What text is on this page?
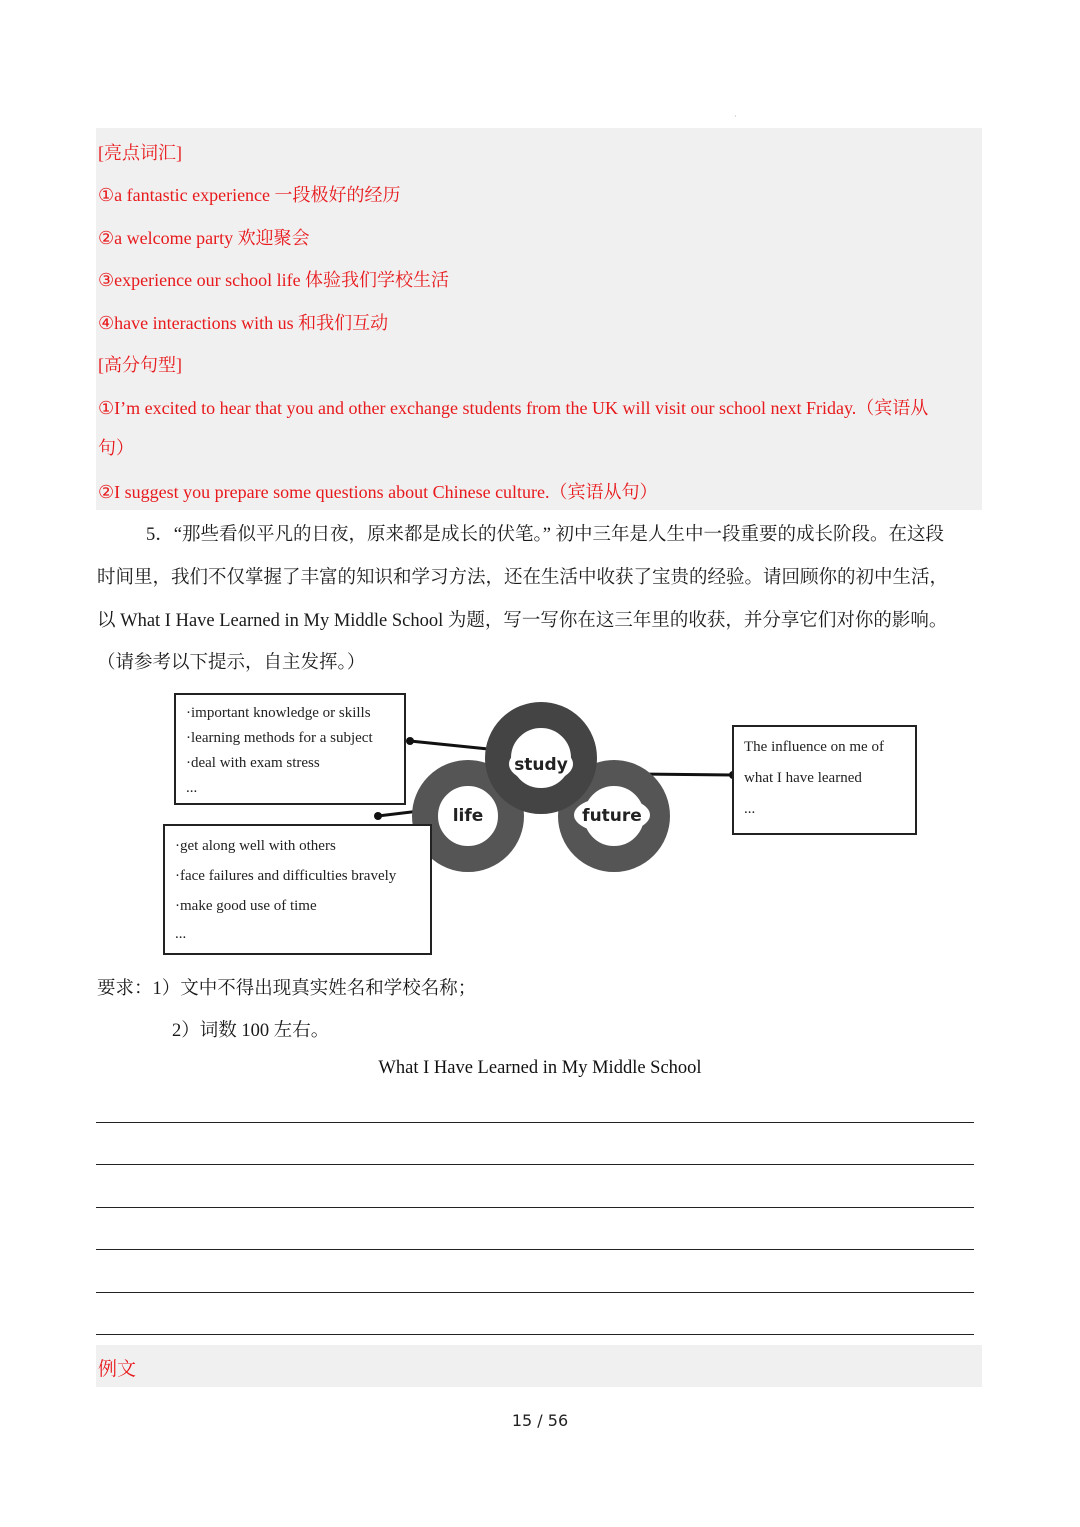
·
[亮点词汇]
①a fantastic experience 一段极好的经历
②a welcome party 欢迎聚会
③experience our school life 体验我们学校生活
④have interactions with us 和我们互动
[高分句型]
①I’m excited to hear that you and other exchange students from the UK will visit our school next Friday.（宾语从
句）
②I suggest you prepare some questions about Chinese culture.（宾语从句）
5．“那些看似平凡的日夜，原来都是成长的伏笔。” 初中三年是人生中一段重要的成长阶段。在这段
时间里，我们不仅掌握了丰富的知识和学习方法，还在生活中收获了宝贵的经验。请回顾你的初中生活，
以 What I Have Learned in My Middle School 为题，写一写你在这三年里的收获，并分享它们对你的影响。
（请参考以下提示，自主发挥。）
study
life	future
·important knowledge or skills
·learning methods for a subject
·deal with exam stress
...
·get along well with others
·face failures and difficulties bravely
·make good use of time
...
The influence on me of
what I have learned
...
要求：1）文中不得出现真实姓名和学校名称；
2）词数 100 左右。
What I Have Learned in My Middle School
例文
15 / 56
